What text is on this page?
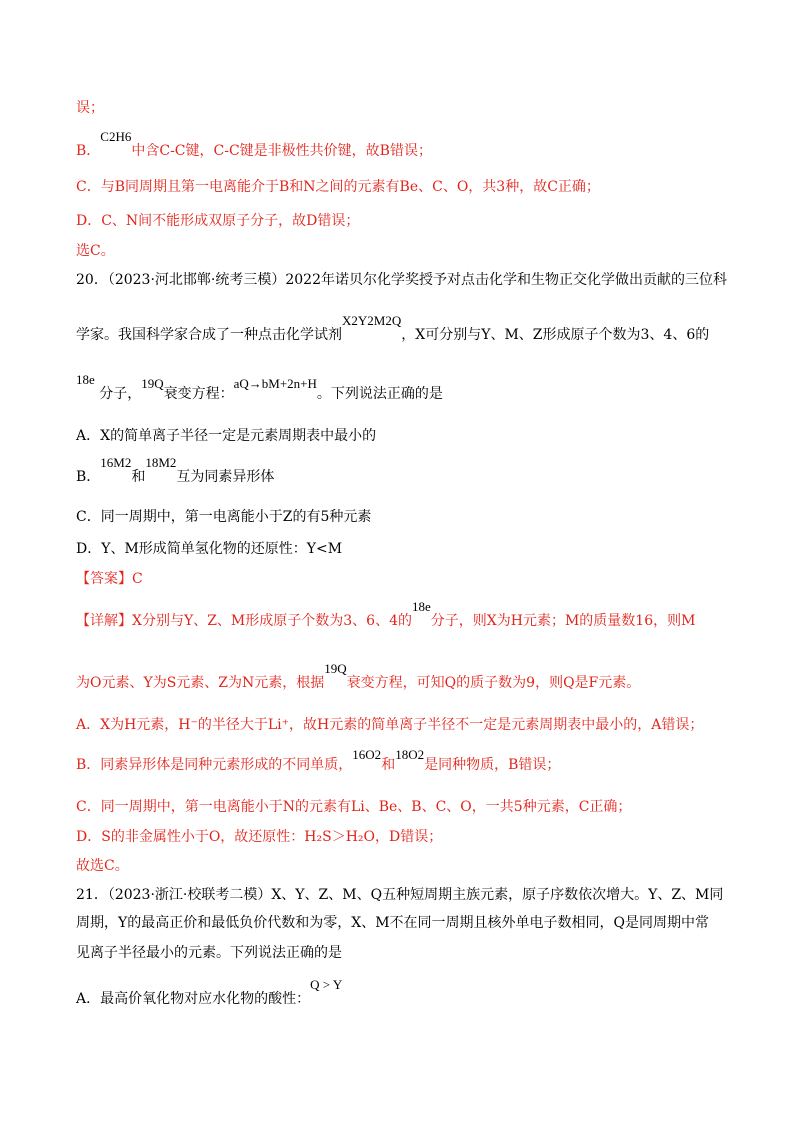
误；
B．C2H6中含C-C键，C-C键是非极性共价键，故B错误；
C．与B同周期且第一电离能介于B和N之间的元素有Be、C、O，共3种，故C正确；
D．C、N间不能形成双原子分子，故D错误；
选C。
20．（2023·河北邯郸·统考三模）2022年诺贝尔化学奖授予对点击化学和生物正交化学做出贡献的三位科
学家。我国科学家合成了一种点击化学试剂X2Y2M2Q，X可分别与Y、M、Z形成原子个数为3、4、6的
18e 分子，19Q衰变方程：aQ→bM+2n+H。下列说法正确的是
A．X的简单离子半径一定是元素周期表中最小的
B．16M2和18M2互为同素异形体
C．同一周期中，第一电离能小于Z的有5种元素
D．Y、M形成简单氢化物的还原性：Y<M
【答案】C
【详解】X分别与Y、Z、M形成原子个数为3、6、4的18e分子，则X为H元素；M的质量数16，则M
为O元素、Y为S元素、Z为N元素，根据19Q衰变方程，可知Q的质子数为9，则Q是F元素。
A．X为H元素，H⁻的半径大于Li⁺，故H元素的简单离子半径不一定是元素周期表中最小的，A错误；
B．同素异形体是同种元素形成的不同单质，16O2和18O2是同种物质，B错误；
C．同一周期中，第一电离能小于N的元素有Li、Be、B、C、O，一共5种元素，C正确；
D．S的非金属性小于O，故还原性：H₂S＞H₂O，D错误；
故选C。
21．（2023·浙江·校联考二模）X、Y、Z、M、Q五种短周期主族元素，原子序数依次增大。Y、Z、M同
周期，Y的最高正价和最低负价代数和为零，X、M不在同一周期且核外单电子数相同，Q是同周期中常
见离子半径最小的元素。下列说法正确的是
A．最高价氧化物对应水化物的酸性：Q > Y
